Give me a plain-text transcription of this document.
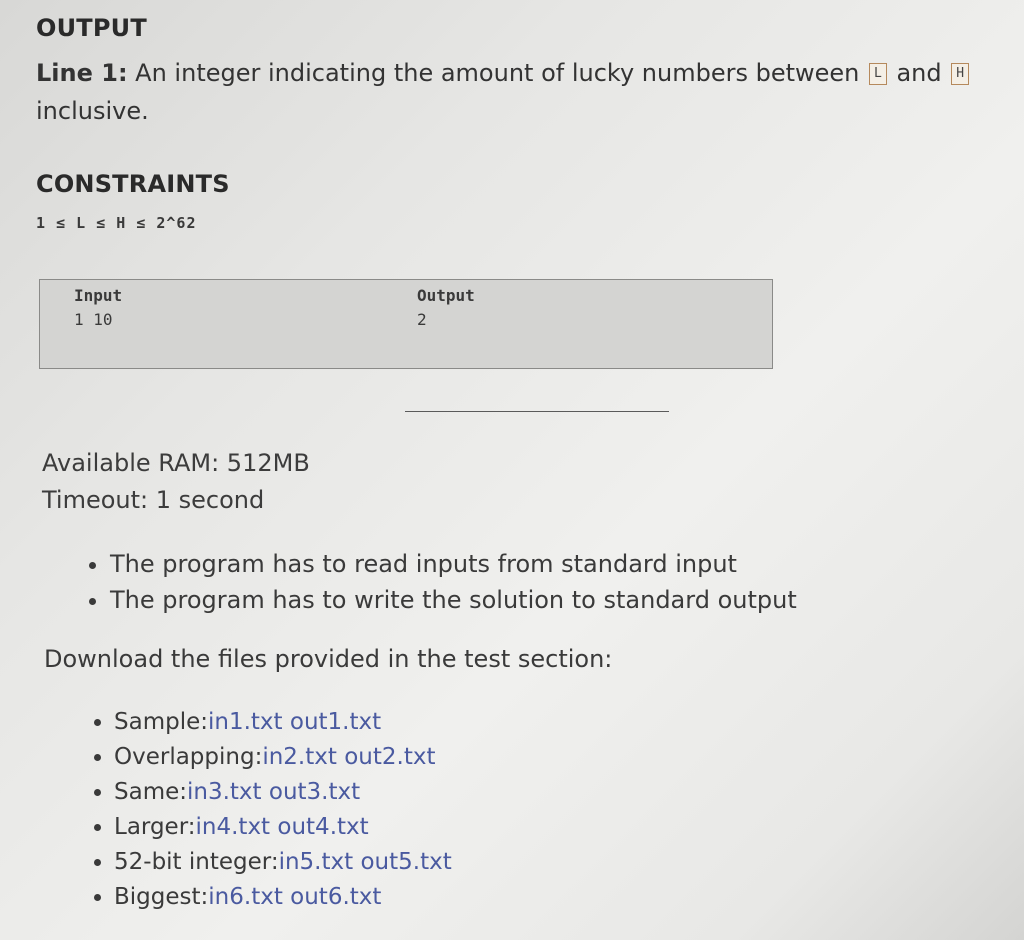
OUTPUT
Line 1: An integer indicating the amount of lucky numbers between L and H inclusive.
CONSTRAINTS
1 ≤ L ≤ H ≤ 2^62
Input
1 10
Output
2
Available RAM: 512MB
Timeout: 1 second
• The program has to read inputs from standard input
• The program has to write the solution to standard output
Download the files provided in the test section:
• Sample:in1.txt out1.txt
• Overlapping:in2.txt out2.txt
• Same:in3.txt out3.txt
• Larger:in4.txt out4.txt
• 52-bit integer:in5.txt out5.txt
• Biggest:in6.txt out6.txt
